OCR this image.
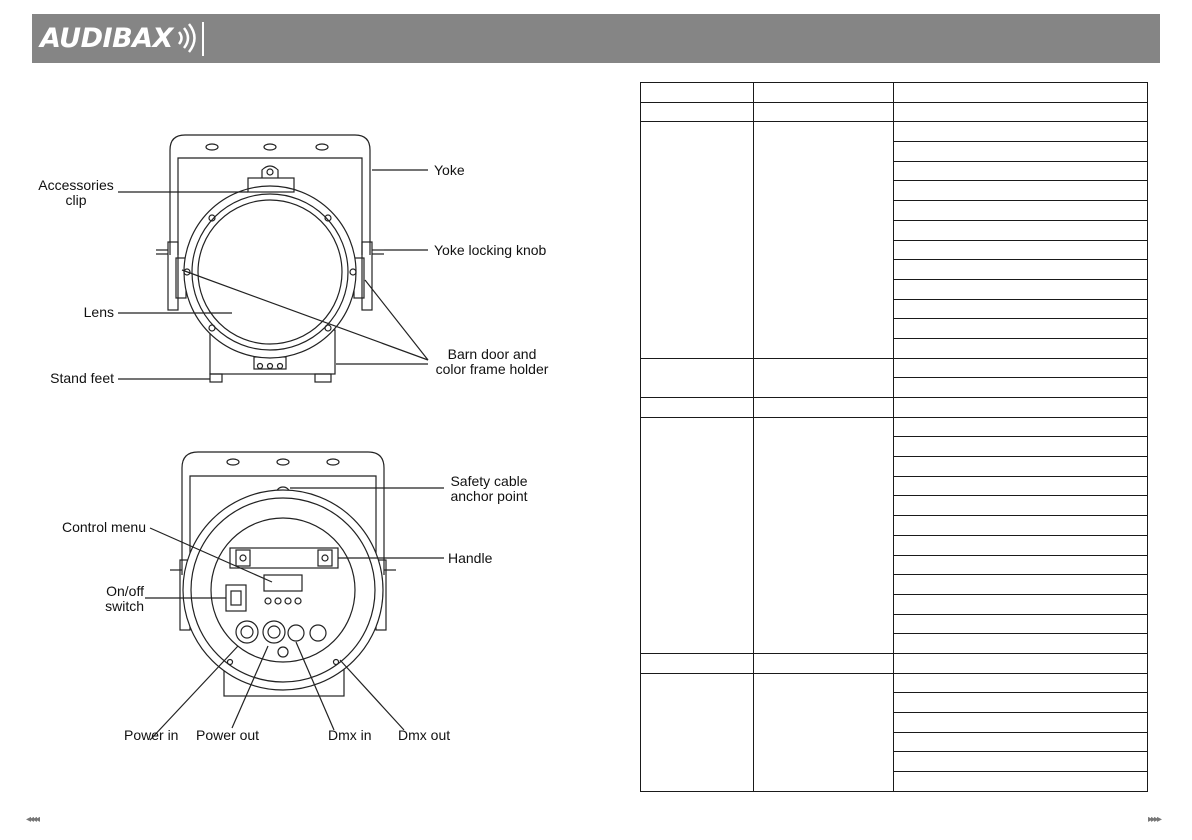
AUDIBAX
Accessories
clip
Yoke
Yoke locking knob
Lens
Barn door and
color frame holder
Stand feet
Safety cable
anchor point
Control menu
Handle
On/off
switch
Power in Power out	Dmx in Dmx out

◂◂◂◂	▸▸▸▸
